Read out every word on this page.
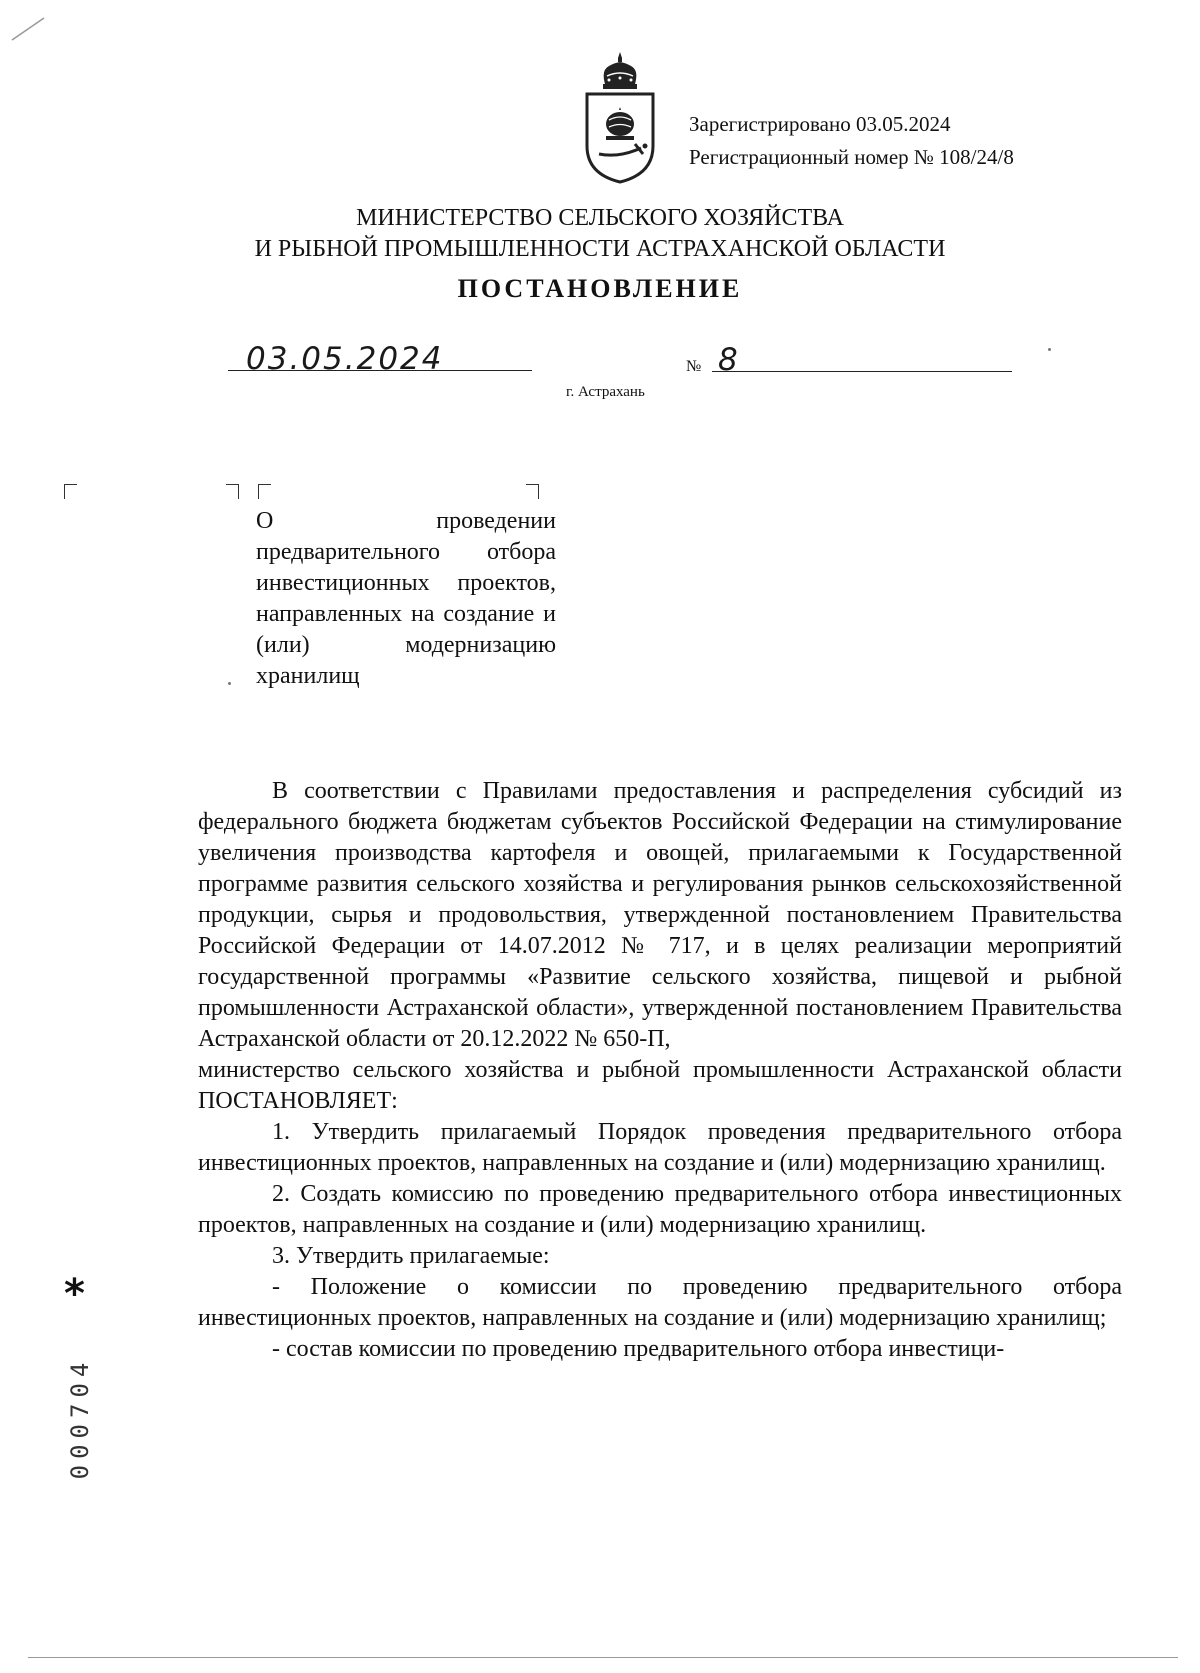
Зарегистрировано 03.05.2024
Регистрационный номер № 108/24/8
МИНИСТЕРСТВО СЕЛЬСКОГО ХОЗЯЙСТВА
И РЫБНОЙ ПРОМЫШЛЕННОСТИ АСТРАХАНСКОЙ ОБЛАСТИ
ПОСТАНОВЛЕНИЕ
03.05.2024	№ 8
г. Астрахань
О проведении предварительного отбора инвестиционных проектов, направленных на создание и (или) модернизацию хранилищ

В соответствии с Правилами предоставления и распределения субсидий из федерального бюджета бюджетам субъектов Российской Федерации на стимулирование увеличения производства картофеля и овощей, прилагаемыми к Государственной программе развития сельского хозяйства и регулирования рынков сельскохозяйственной продукции, сырья и продовольствия, утвержденной постановлением Правительства Российской Федерации от 14.07.2012 № 717, и в целях реализации мероприятий государственной программы «Развитие сельского хозяйства, пищевой и рыбной промышленности Астраханской области», утвержденной постановлением Правительства Астраханской области от 20.12.2022 № 650-П,

министерство сельского хозяйства и рыбной промышленности Астраханской области ПОСТАНОВЛЯЕТ:

1. Утвердить прилагаемый Порядок проведения предварительного отбора инвестиционных проектов, направленных на создание и (или) модернизацию хранилищ.

2. Создать комиссию по проведению предварительного отбора инвестиционных проектов, направленных на создание и (или) модернизацию хранилищ.

3. Утвердить прилагаемые:

- Положение о комиссии по проведению предварительного отбора инвестиционных проектов, направленных на создание и (или) модернизацию хранилищ;

- состав комиссии по проведению предварительного отбора инвестици-

*
000704
